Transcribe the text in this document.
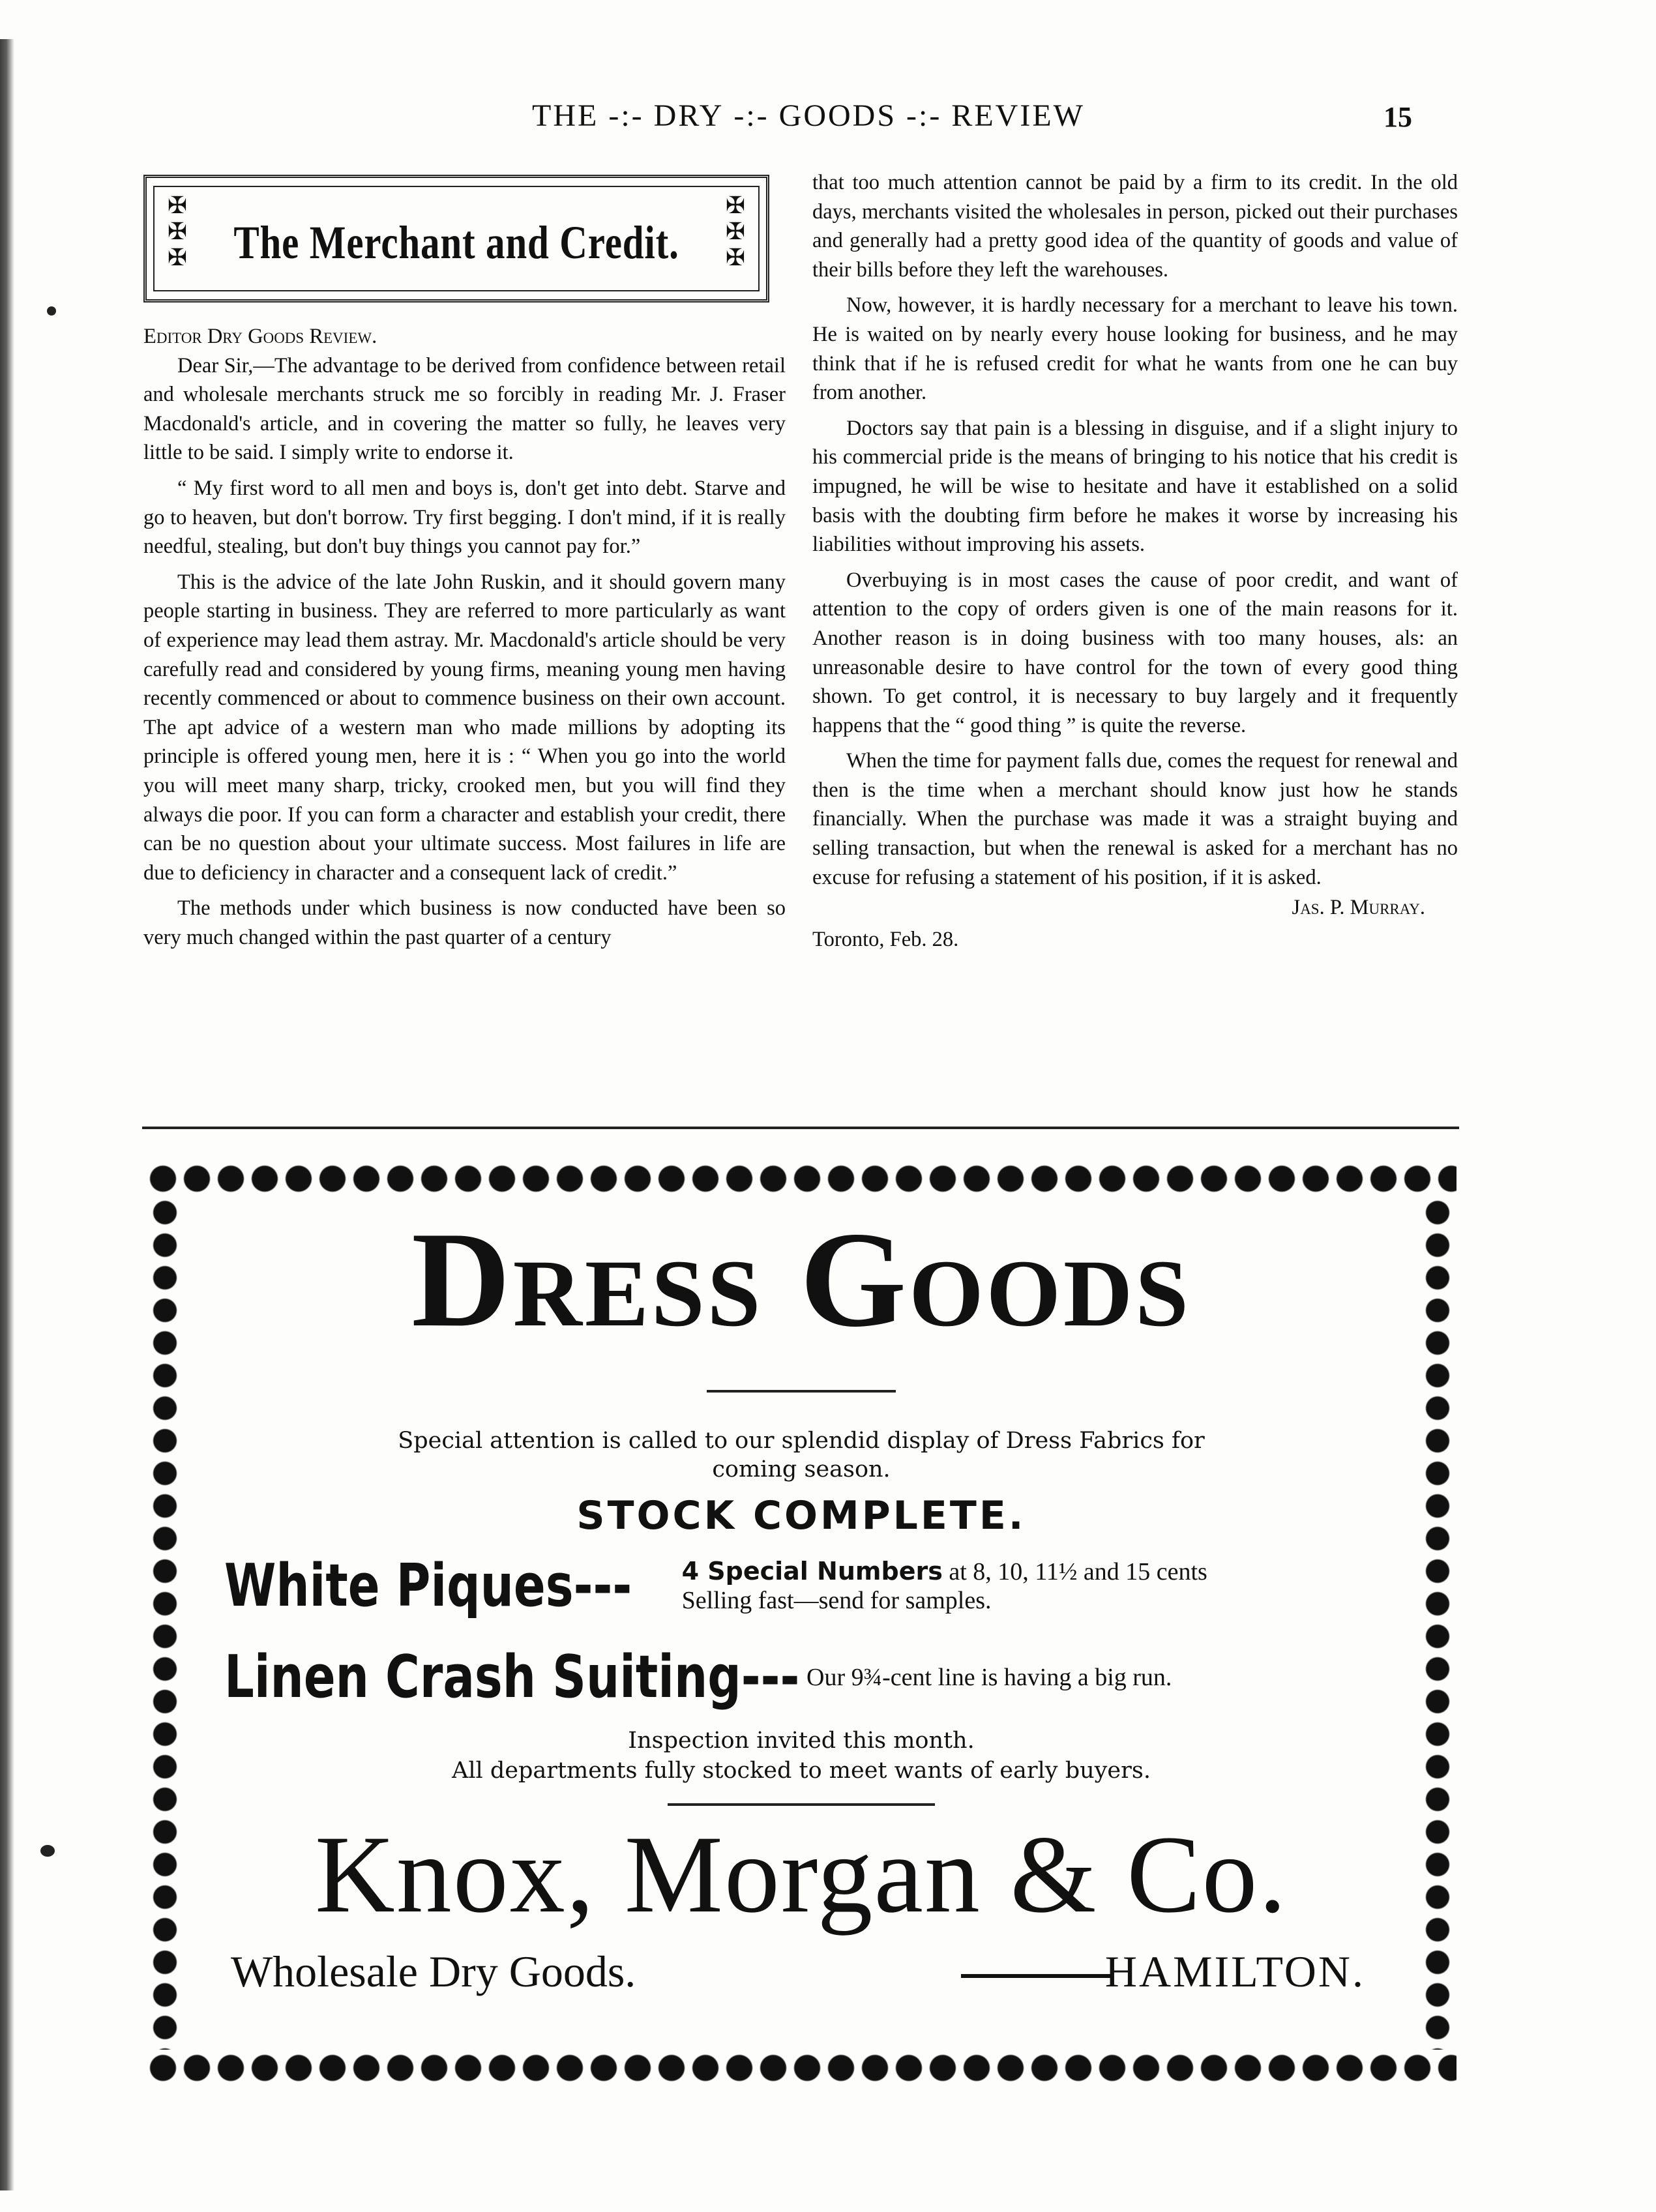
THE -:- DRY -:- GOODS -:- REVIEW	15
✠
✠
✠ The Merchant and Credit.
✠
✠
✠

Editor Dry Goods Review.

Dear Sir,—The advantage to be derived from confidence between retail and wholesale merchants struck me so forcibly in reading Mr. J. Fraser Macdonald's article, and in covering the matter so fully, he leaves very little to be said. I simply write to endorse it.

“ My first word to all men and boys is, don't get into debt. Starve and go to heaven, but don't borrow. Try first begging. I don't mind, if it is really needful, stealing, but don't buy things you cannot pay for.”

This is the advice of the late John Ruskin, and it should govern many people starting in business. They are referred to more particularly as want of experience may lead them astray. Mr. Macdonald's article should be very carefully read and considered by young firms, meaning young men having recently commenced or about to commence business on their own account. The apt advice of a western man who made millions by adopting its principle is offered young men, here it is : “ When you go into the world you will meet many sharp, tricky, crooked men, but you will find they always die poor. If you can form a character and establish your credit, there can be no question about your ultimate success. Most failures in life are due to deficiency in character and a consequent lack of credit.”

The methods under which business is now conducted have been so very much changed within the past quarter of a century

that too much attention cannot be paid by a firm to its credit. In the old days, merchants visited the wholesales in person, picked out their purchases and generally had a pretty good idea of the quantity of goods and value of their bills before they left the warehouses.

Now, however, it is hardly necessary for a merchant to leave his town. He is waited on by nearly every house looking for business, and he may think that if he is refused credit for what he wants from one he can buy from another.

Doctors say that pain is a blessing in disguise, and if a slight injury to his commercial pride is the means of bringing to his notice that his credit is impugned, he will be wise to hesitate and have it established on a solid basis with the doubting firm before he makes it worse by increasing his liabilities without improving his assets.

Overbuying is in most cases the cause of poor credit, and want of attention to the copy of orders given is one of the main reasons for it. Another reason is in doing business with too many houses, als: an unreasonable desire to have control for the town of every good thing shown. To get control, it is necessary to buy largely and it frequently happens that the “ good thing ” is quite the reverse.

When the time for payment falls due, comes the request for renewal and then is the time when a merchant should know just how he stands financially. When the purchase was made it was a straight buying and selling transaction, but when the renewal is asked for a merchant has no excuse for refusing a statement of his position, if it is asked.

Jas. P. Murray.

Toronto, Feb. 28.

Dress Goods
Special attention is called to our splendid display of Dress Fabrics for coming season.
STOCK COMPLETE.
White Piques--- 4 Special Numbers at 8, 10, 11½ and 15 cents
Selling fast—send for samples.
Linen Crash Suiting--- Our 9¾-cent line is having a big run.
Inspection invited this month.
All departments fully stocked to meet wants of early buyers.
Knox, Morgan & Co.
Wholesale Dry Goods.	HAMILTON.
